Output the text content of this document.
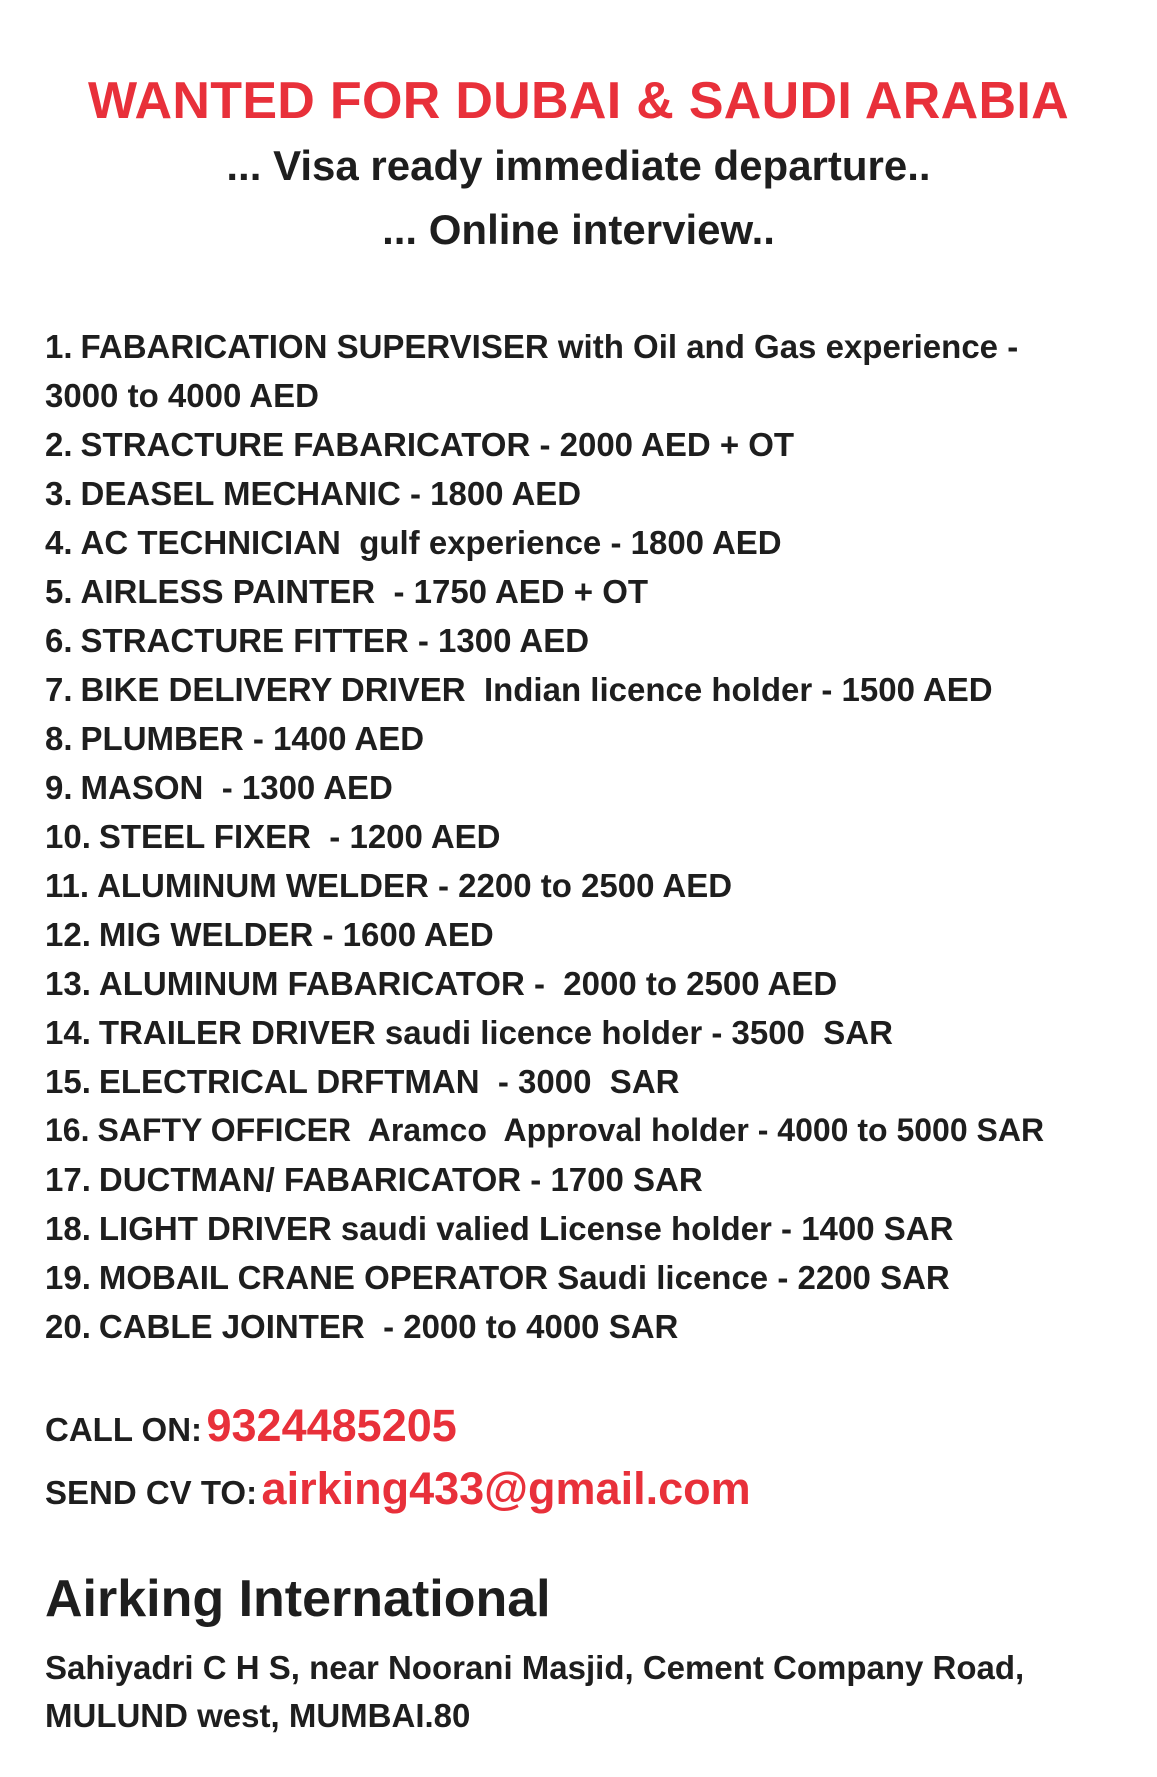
WANTED FOR DUBAI & SAUDI ARABIA
... Visa ready immediate departure..
... Online interview..
1. FABARICATION SUPERVISER with Oil and Gas experience - 3000 to 4000 AED
2. STRACTURE FABARICATOR - 2000 AED + OT
3. DEASEL MECHANIC - 1800 AED
4. AC TECHNICIAN  gulf experience - 1800 AED
5. AIRLESS PAINTER  - 1750 AED + OT
6. STRACTURE FITTER - 1300 AED
7. BIKE DELIVERY DRIVER  Indian licence holder - 1500 AED
8. PLUMBER - 1400 AED
9. MASON  - 1300 AED
10. STEEL FIXER  - 1200 AED
11. ALUMINUM WELDER - 2200 to 2500 AED
12. MIG WELDER - 1600 AED
13. ALUMINUM FABARICATOR -  2000 to 2500 AED
14. TRAILER DRIVER saudi licence holder - 3500  SAR
15. ELECTRICAL DRFTMAN  - 3000  SAR
16. SAFTY OFFICER  Aramco  Approval holder - 4000 to 5000 SAR
17. DUCTMAN/ FABARICATOR - 1700 SAR
18. LIGHT DRIVER saudi valied License holder - 1400 SAR
19. MOBAIL CRANE OPERATOR Saudi licence - 2200 SAR
20. CABLE JOINTER  - 2000 to 4000 SAR
CALL ON: 9324485205
SEND CV TO: airking433@gmail.com
Airking International
Sahiyadri C H S, near Noorani Masjid, Cement Company Road,
MULUND west, MUMBAI.80
